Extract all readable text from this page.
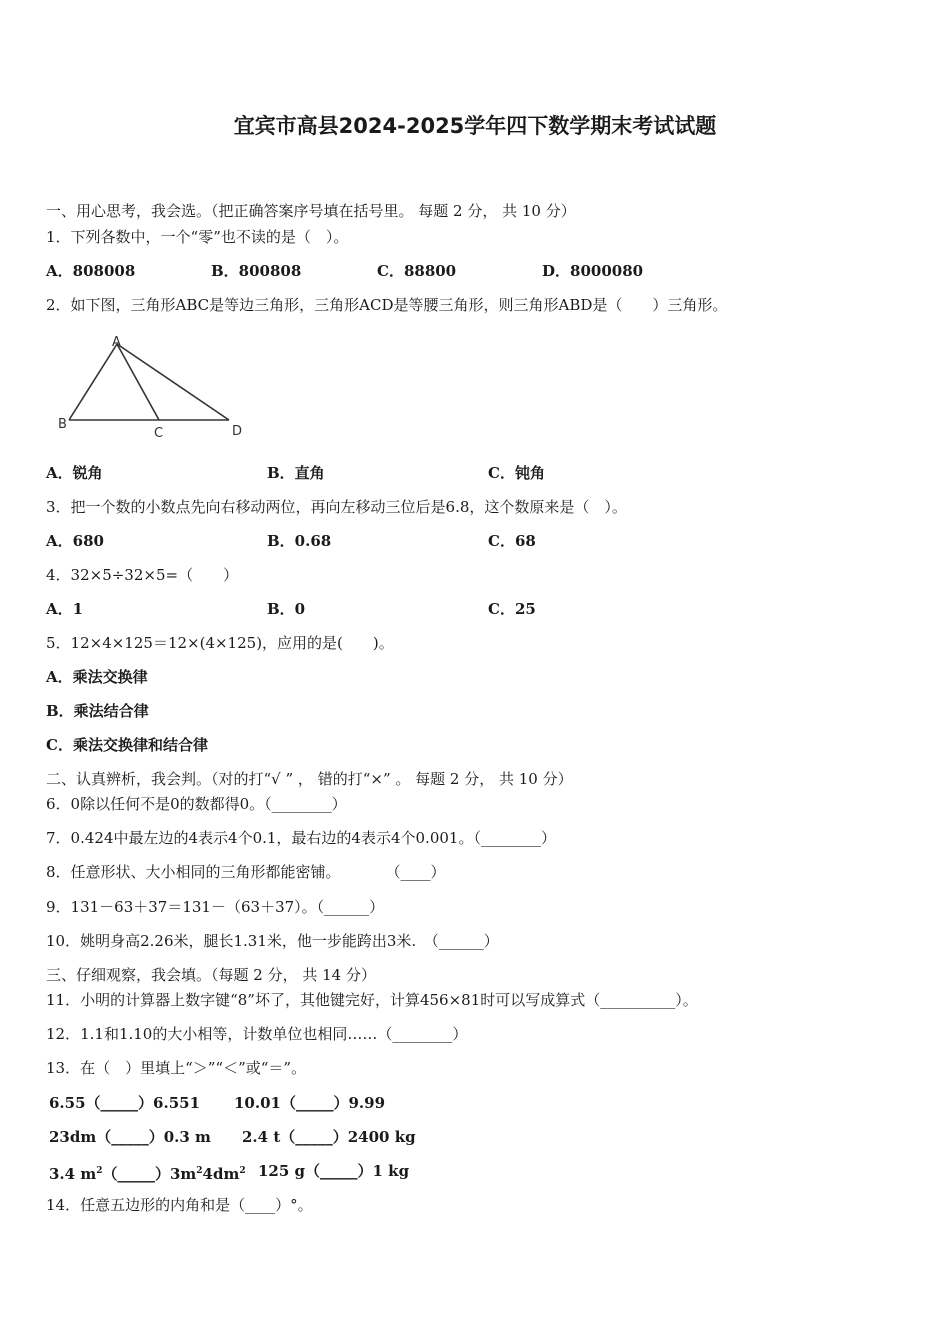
宜宾市高县2024-2025学年四下数学期末考试试题
一、用心思考，我会选。（把正确答案序号填在括号里。 每题 2 分， 共 10 分）
1．下列各数中，一个“零”也不读的是（　）。
A．808008	B．800808	C．88800	D．8000080
2．如下图，三角形ABC是等边三角形，三角形ACD是等腰三角形，则三角形ABD是（　　）三角形。
A
B
C	D
A．锐角	B．直角	C．钝角
3．把一个数的小数点先向右移动两位，再向左移动三位后是6.8，这个数原来是（　）。
A．680	B．0.68	C．68
4．32×5÷32×5=（　　）
A．1	B．0	C．25
5．12×4×125＝12×(4×125)，应用的是(　　)。
A．乘法交换律
B．乘法结合律
C．乘法交换律和结合律
二、认真辨析，我会判。（对的打“√ ” ， 错的打“×” 。 每题 2 分， 共 10 分）
6．0除以任何不是0的数都得0。（________）
7．0.424中最左边的4表示4个0.1，最右边的4表示4个0.001。（________）
8．任意形状、大小相同的三角形都能密铺。　　　　（____）
9．131－63＋37＝131－（63＋37）。（______）
10．姚明身高2.26米，腿长1.31米，他一步能跨出3米.　（______）
三、仔细观察，我会填。（每题 2 分， 共 14 分）
11．小明的计算器上数字键“8”坏了，其他键完好，计算456×81时可以写成算式（__________）。
12．1.1和1.10的大小相等，计数单位也相同……（________）
13．在（　）里填上“＞”“＜”或“＝”。
6.55（_____）6.551 10.01（_____）9.99
23dm（_____）0.3 m 2.4 t（_____）2400 kg
3.4 $m^2(\_\_\_\_\_)3m^24dm^2$ 125 g（_____）1 kg
14．任意五边形的内角和是（____）°。
